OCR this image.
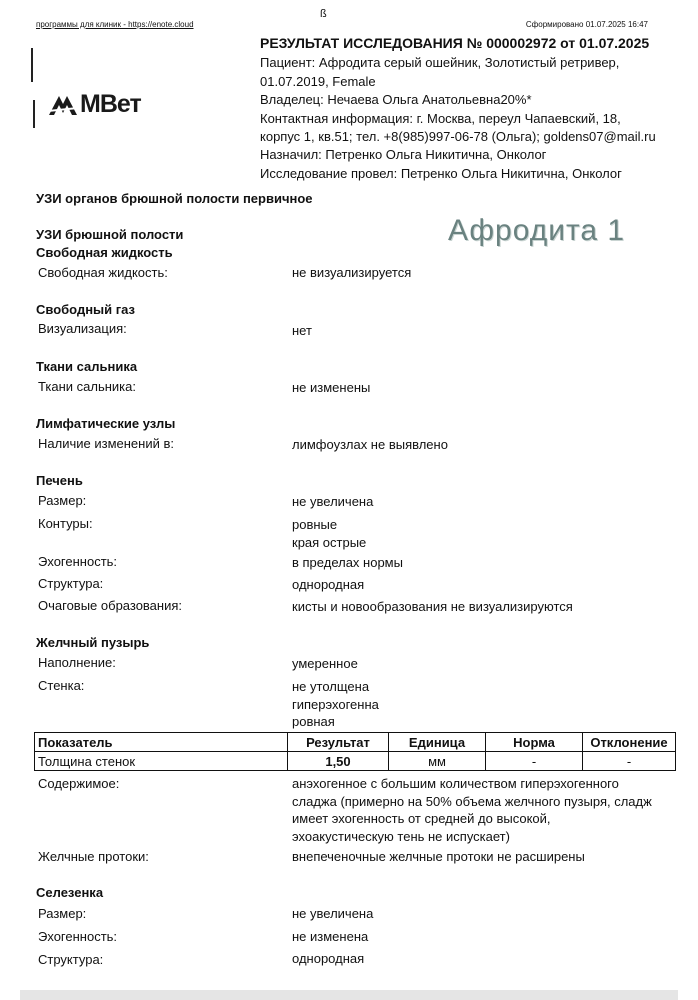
программы для клиник - https://enote.cloud	Сформировано 01.07.2025 16:47
ß
МВет
РЕЗУЛЬТАТ ИССЛЕДОВАНИЯ № 000002972 от 01.07.2025
Пациент: Афродита серый ошейник, Золотистый ретривер,
01.07.2019, Female
Владелец: Нечаева Ольга Анатольевна20%*
Контактная информация: г. Москва, переул Чапаевский, 18,
корпус 1, кв.51; тел. +8(985)997-06-78 (Ольга); goldens07@mail.ru
Назначил: Петренко Ольга Никитична, Онколог
Исследование провел: Петренко Ольга Никитична, Онколог
УЗИ органов брюшной полости первичное
Афродита 1
УЗИ брюшной полости
Свободная жидкость
Свободная жидкость:	не визуализируется
Свободный газ
Визуализация:	нет
Ткани сальника
Ткани сальника:	не изменены
Лимфатические узлы
Наличие изменений в:	лимфоузлах не выявлено
Печень
Размер:	не увеличена
Контуры:	ровные
края острые
Эхогенность:	в пределах нормы
Структура:	однородная
Очаговые образования:	кисты и новообразования не визуализируются
Желчный пузырь
Наполнение:	умеренное
Стенка:	не утолщена
гиперэхогенна
ровная
Показатель	Результат	Единица	Норма	Отклонение
Толщина стенок	1,50	мм	-	-
Содержимое:	анэхогенное с большим количеством гиперэхогенного
сладжа (примерно на 50% объема желчного пузыря, сладж
имеет эхогенность от средней до высокой,
эхоакустическую тень не испускает)
Желчные протоки:	внепеченочные желчные протоки не расширены
Селезенка
Размер:	не увеличена
Эхогенность:	не изменена
Структура:	однородная
